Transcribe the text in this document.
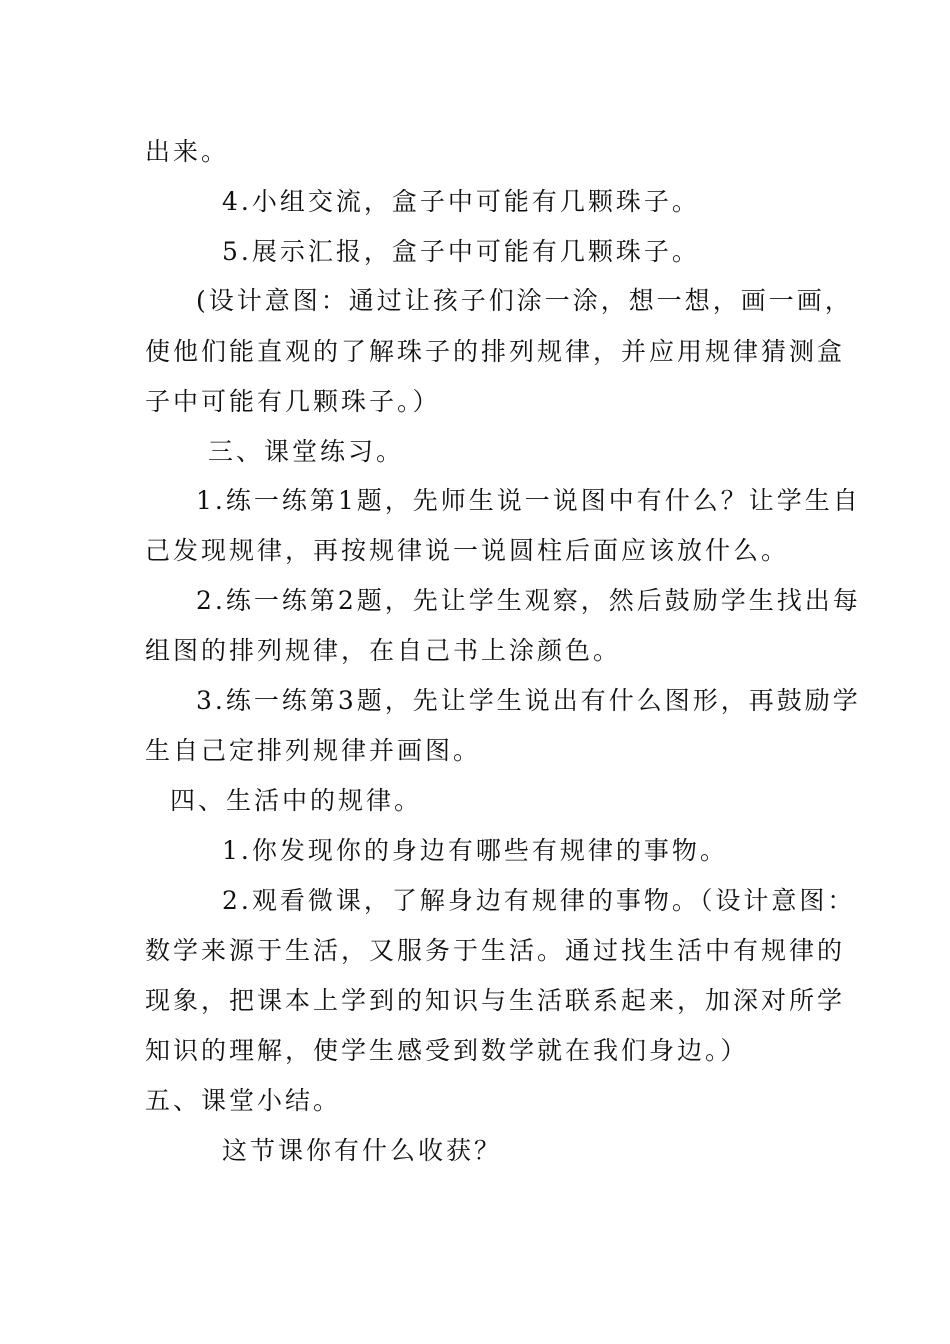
出来。
4.小组交流，盒子中可能有几颗珠子。
5.展示汇报，盒子中可能有几颗珠子。
(设计意图：通过让孩子们涂一涂，想一想，画一画，
使他们能直观的了解珠子的排列规律，并应用规律猜测盒
子中可能有几颗珠子。）
三、课堂练习。
1.练一练第1题，先师生说一说图中有什么？让学生自
己发现规律，再按规律说一说圆柱后面应该放什么。
2.练一练第2题，先让学生观察，然后鼓励学生找出每
组图的排列规律，在自己书上涂颜色。
3.练一练第3题，先让学生说出有什么图形，再鼓励学
生自己定排列规律并画图。
四、生活中的规律。
1.你发现你的身边有哪些有规律的事物。
2.观看微课，了解身边有规律的事物。（设计意图：
数学来源于生活，又服务于生活。通过找生活中有规律的
现象，把课本上学到的知识与生活联系起来，加深对所学
知识的理解，使学生感受到数学就在我们身边。）
五、课堂小结。
这节课你有什么收获？
